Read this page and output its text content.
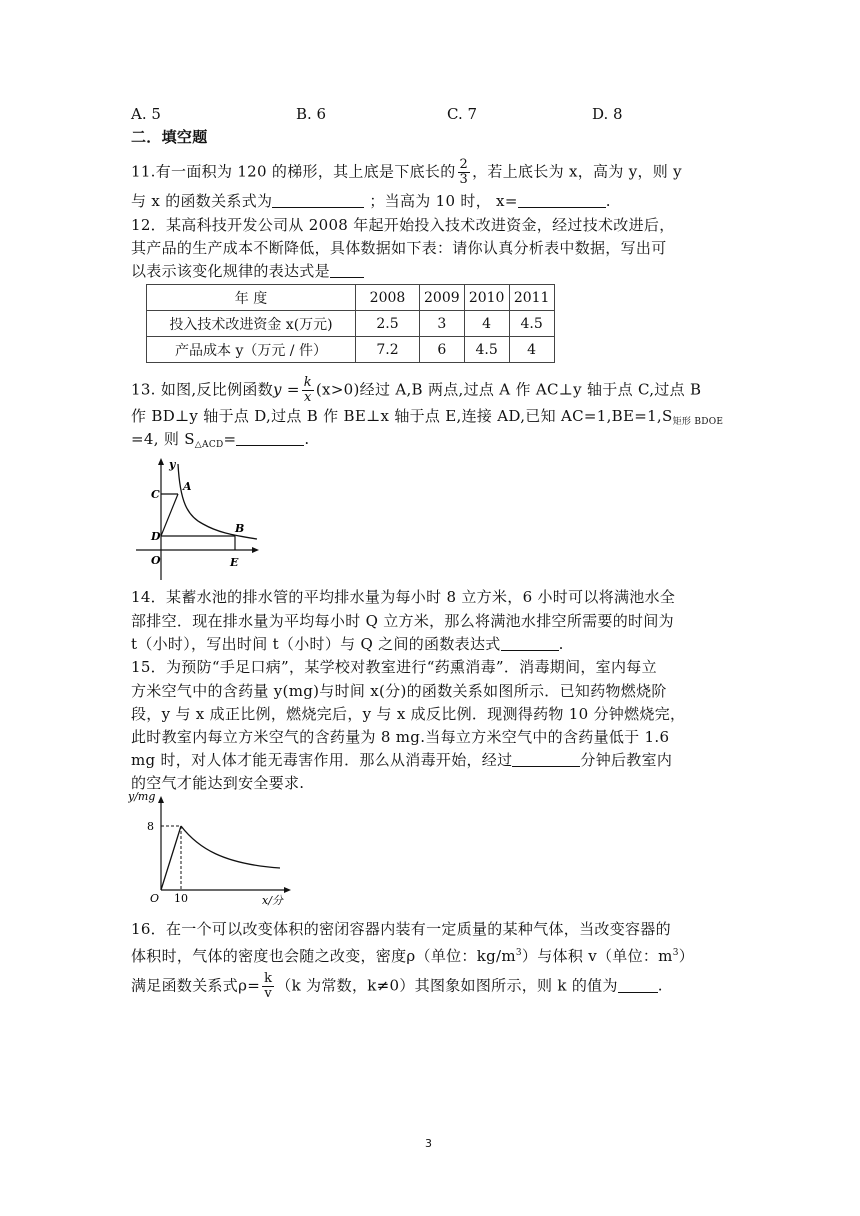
A. 5	B. 6	C. 7	D. 8
二．填空题
11.有一面积为 120 的梯形，其上底是下底长的 $\frac{2}{3}$ ，若上底长为 x，高为 y，则 y
与 x 的函数关系式为	；当高为 10 时， x=	.
12．某高科技开发公司从 2008 年起开始投入技术改进资金，经过技术改进后，
其产品的生产成本不断降低，具体数据如下表：请你认真分析表中数据，写出可
以表示该变化规律的表达式是
年 度	2008	2009	2010	2011
投入技术改进资金 x(万元)	2.5	3	4	4.5
产品成本 y（万元 / 件）	7.2	6	4.5	4
13. 如图,反比例函数$y = \frac{k}{x} (x>0)$经过 A,B 两点,过点 A 作 AC⊥y 轴于点 C,过点 B
作 BD⊥y 轴于点 D,过点 B 作 BE⊥x 轴于点 E,连接 AD,已知 $AC=1,BE=1,S_{矩形 BDOE}$
=4, 则 $S_{\triangle ACD}=$	.
y
C
A
D
B
O	E
14．某蓄水池的排水管的平均排水量为每小时 8 立方米，6 小时可以将满池水全
部排空．现在排水量为平均每小时 Q 立方米，那么将满池水排空所需要的时间为
t（小时），写出时间 t（小时）与 Q 之间的函数表达式	.
15．为预防“手足口病”，某学校对教室进行“药熏消毒”．消毒期间，室内每立
方米空气中的含药量 y(mg)与时间 x(分)的函数关系如图所示．已知药物燃烧阶
段，y 与 x 成正比例，燃烧完后，y 与 x 成反比例．现测得药物 10 分钟燃烧完，
此时教室内每立方米空气的含药量为 8 mg.当每立方米空气中的含药量低于 1.6
mg 时，对人体才能无毒害作用．那么从消毒开始，经过	分钟后教室内
的空气才能达到安全要求.
y/mg
8
O 10	x/分
16．在一个可以改变体积的密闭容器内装有一定质量的某种气体，当改变容器的
体积时，气体的密度也会随之改变，密度ρ（单位：$kg/m^3$）与体积 v（单位：$m^3$）
满足函数关系式$\rho= \frac{k}{v} (k$ 为常数，k≠0）其图象如图所示，则 k 的值为	.
3
